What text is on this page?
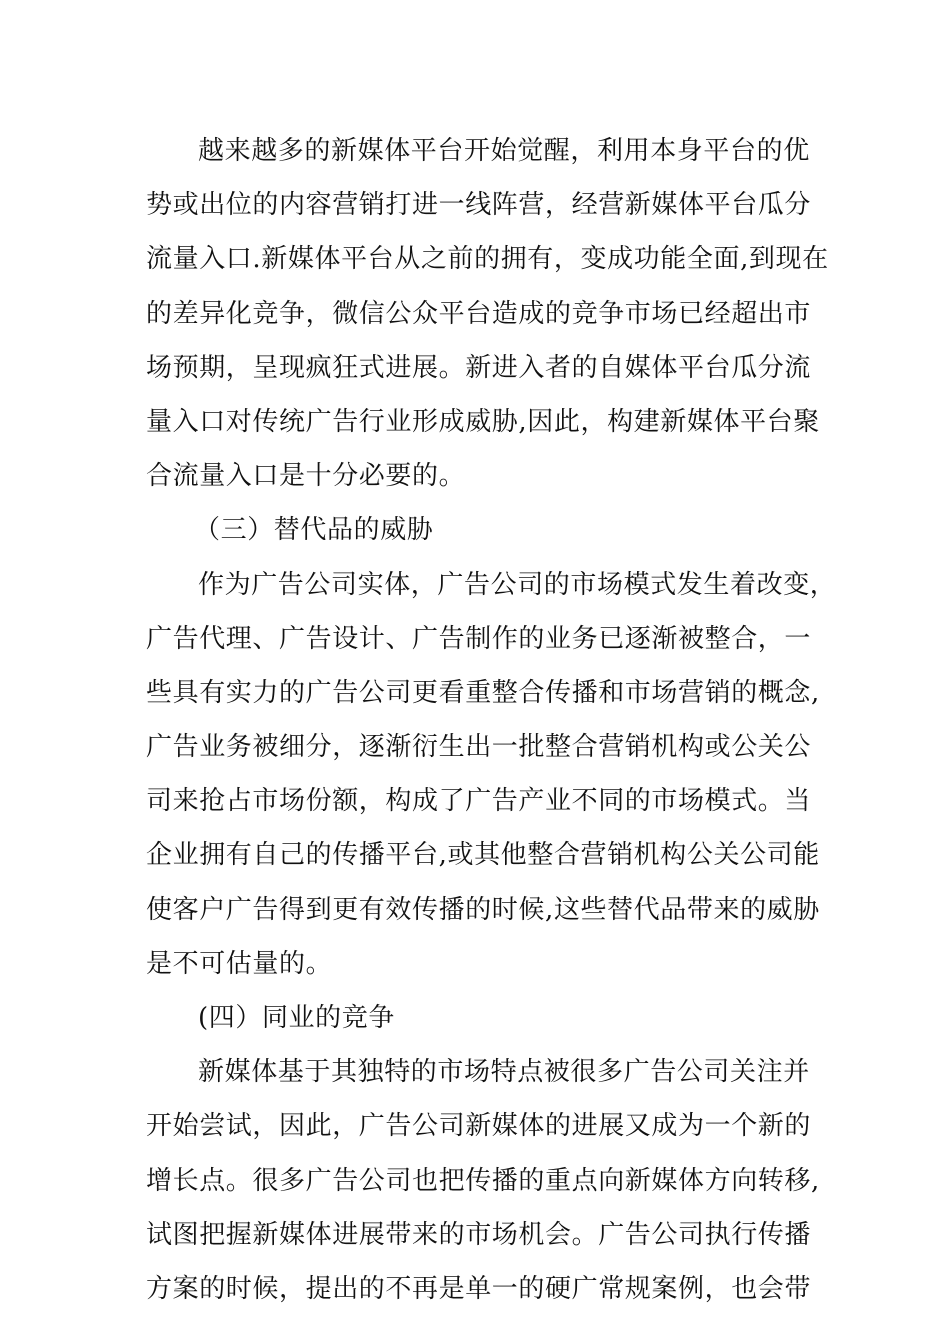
越来越多的新媒体平台开始觉醒，利用本身平台的优
势或出位的内容营销打进一线阵营，经营新媒体平台瓜分
流量入口.新媒体平台从之前的拥有，变成功能全面,到现在
的差异化竞争，微信公众平台造成的竞争市场已经超出市
场预期，呈现疯狂式进展。新进入者的自媒体平台瓜分流
量入口对传统广告行业形成威胁,因此，构建新媒体平台聚
合流量入口是十分必要的。
（三）替代品的威胁
作为广告公司实体，广告公司的市场模式发生着改变，
广告代理、广告设计、广告制作的业务已逐渐被整合，一
些具有实力的广告公司更看重整合传播和市场营销的概念,
广告业务被细分，逐渐衍生出一批整合营销机构或公关公
司来抢占市场份额，构成了广告产业不同的市场模式。当
企业拥有自己的传播平台,或其他整合营销机构公关公司能
使客户广告得到更有效传播的时候,这些替代品带来的威胁
是不可估量的。
(四）同业的竞争
新媒体基于其独特的市场特点被很多广告公司关注并
开始尝试，因此，广告公司新媒体的进展又成为一个新的
增长点。很多广告公司也把传播的重点向新媒体方向转移,
试图把握新媒体进展带来的市场机会。广告公司执行传播
方案的时候，提出的不再是单一的硬广常规案例，也会带
